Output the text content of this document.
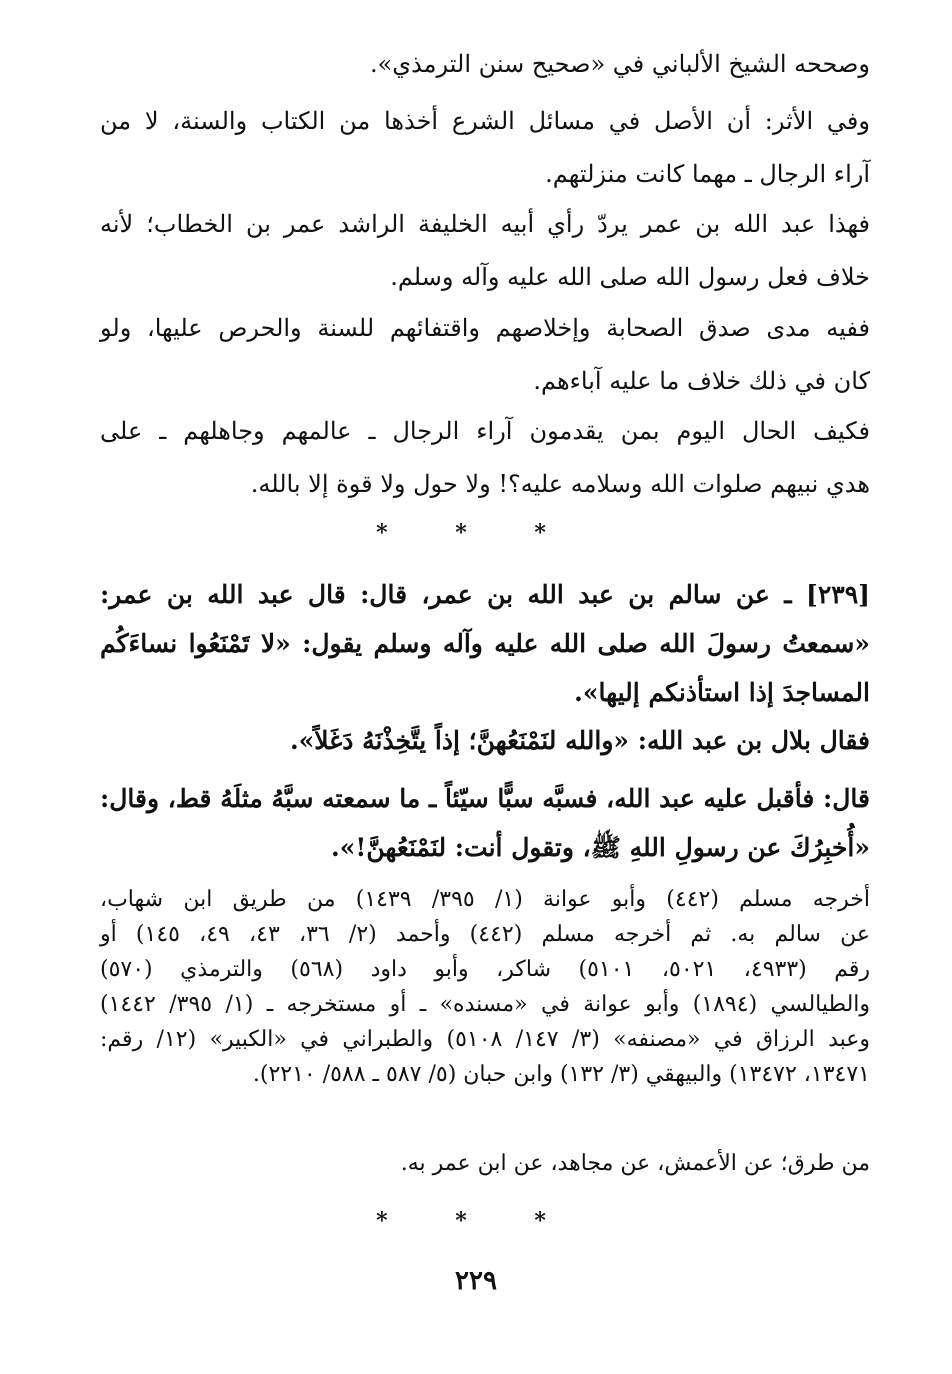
وصححه الشيخ الألباني في «صحيح سنن الترمذي».

وفي الأثر: أن الأصل في مسائل الشرع أخذها من الكتاب والسنة، لا من
آراء الرجال ـ مهما كانت منزلتهم.

فهذا عبد الله بن عمر يردّ رأي أبيه الخليفة الراشد عمر بن الخطاب؛ لأنه
خلاف فعل رسول الله صلى الله عليه وآله وسلم.

ففيه مدى صدق الصحابة وإخلاصهم واقتفائهم للسنة والحرص عليها، ولو
كان في ذلك خلاف ما عليه آباءهم.

فكيف الحال اليوم بمن يقدمون آراء الرجال ـ عالمهم وجاهلهم ـ على
هدي نبيهم صلوات الله وسلامه عليه؟! ولا حول ولا قوة إلا بالله.

* * *

[٢٣٩] ـ عن سالم بن عبد الله بن عمر، قال: قال عبد الله بن عمر:
«سمعتُ رسولَ الله صلى الله عليه وآله وسلم يقول: «لا تَمْنَعُوا نساءَكُم
المساجدَ إذا استأذنكم إليها».

فقال بلال بن عبد الله: «والله لنَمْنَعُهنَّ؛ إذاً يتَّخِذْنَهُ دَغَلاً».

قال: فأقبل عليه عبد الله، فسبَّه سبًّا سيّئاً ـ ما سمعته سبَّهُ مثلَهُ قط، وقال:
«أُخبِرُكَ عن رسولِ اللهِ ﷺ، وتقول أنت: لنَمْنَعُهنَّ!».

أخرجه مسلم (٤٤٢) وأبو عوانة (١/ ٣٩٥/ ١٤٣٩) من طريق ابن شهاب،
عن سالم به. ثم أخرجه مسلم (٤٤٢) وأحمد (٢/ ٣٦، ٤٣، ٤٩، ١٤٥) أو
رقم (٤٩٣٣، ٥٠٢١، ٥١٠١) شاكر، وأبو داود (٥٦٨) والترمذي (٥٧٠)
والطيالسي (١٨٩٤) وأبو عوانة في «مسنده» ـ أو مستخرجه ـ (١/ ٣٩٥/ ١٤٤٢)
وعبد الرزاق في «مصنفه» (٣/ ١٤٧/ ٥١٠٨) والطبراني في «الكبير» (١٢/ رقم:
١٣٤٧١، ١٣٤٧٢) والبيهقي (٣/ ١٣٢) وابن حبان (٥/ ٥٨٧ ـ ٥٨٨/ ٢٢١٠).

من طرق؛ عن الأعمش، عن مجاهد، عن ابن عمر به.

* * *
٢٢٩
